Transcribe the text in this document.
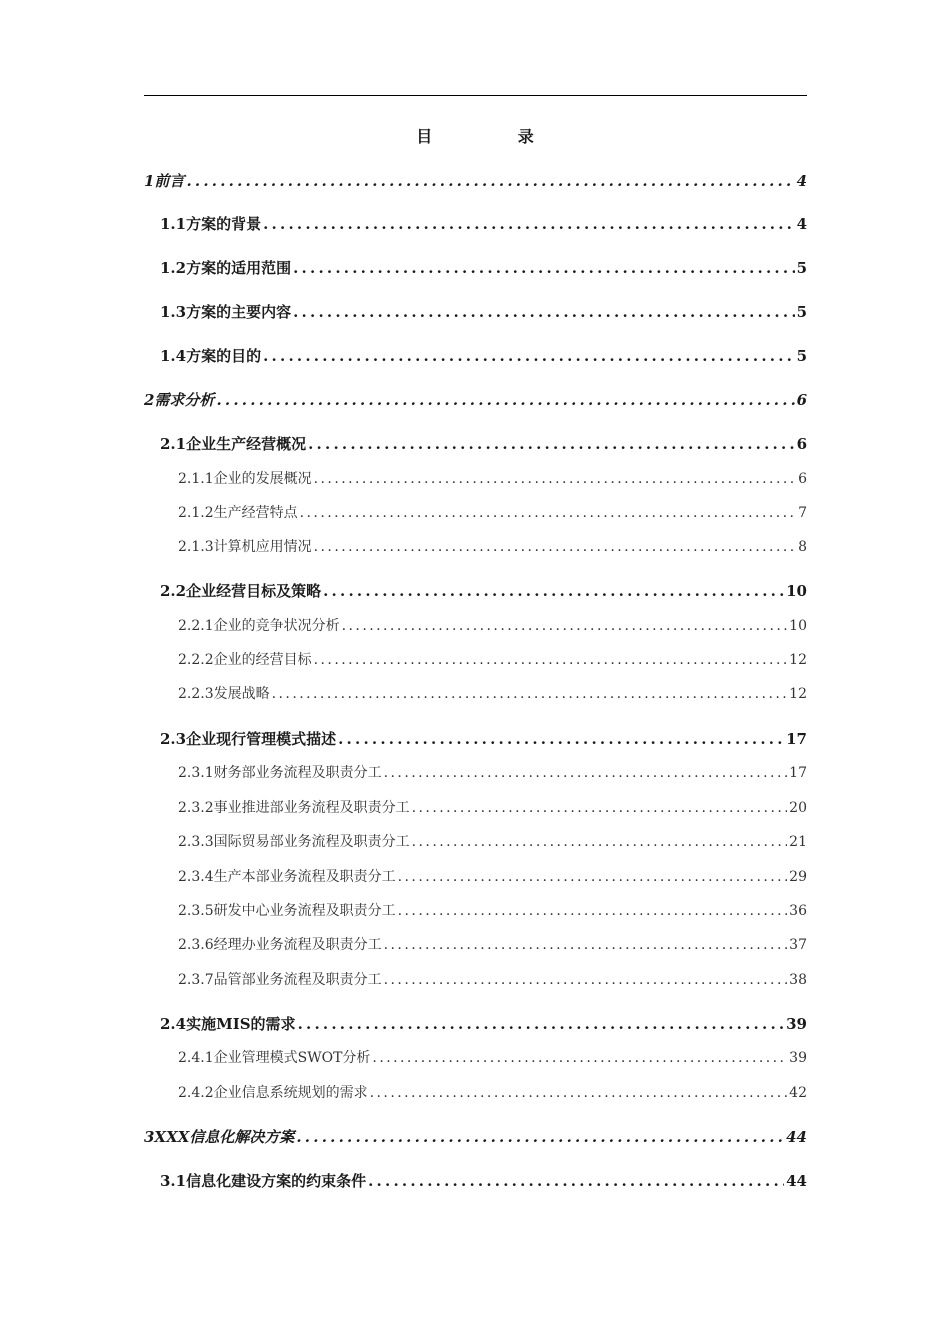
目 录
1前言 . . .	4
1.1方案的背景 . . .	4
1.2方案的适用范围 . . .	5
1.3方案的主要内容 . . .	5
1.4方案的目的 . . .	5
2需求分析 . . .	6
2.1企业生产经营概况 . . .	6
2.1.1企业的发展概况 . . .	6
2.1.2生产经营特点 . . .	7
2.1.3计算机应用情况 . . .	8
2.2企业经营目标及策略 . . .	10
2.2.1企业的竞争状况分析 . . .	10
2.2.2企业的经营目标 . . .	12
2.2.3发展战略 . . .	12
2.3企业现行管理模式描述 . . .	17
2.3.1财务部业务流程及职责分工 . . .	17
2.3.2事业推进部业务流程及职责分工 . . .	20
2.3.3国际贸易部业务流程及职责分工 . . .	21
2.3.4生产本部业务流程及职责分工 . . .	29
2.3.5研发中心业务流程及职责分工 . . .	36
2.3.6经理办业务流程及职责分工 . . .	37
2.3.7品管部业务流程及职责分工 . . .	38
2.4实施MIS的需求 . . .	39
2.4.1企业管理模式SWOT分析 . . .	39
2.4.2企业信息系统规划的需求 . . .	42
3XXX信息化解决方案 . . .	44
3.1信息化建设方案的约束条件 . . .	44
